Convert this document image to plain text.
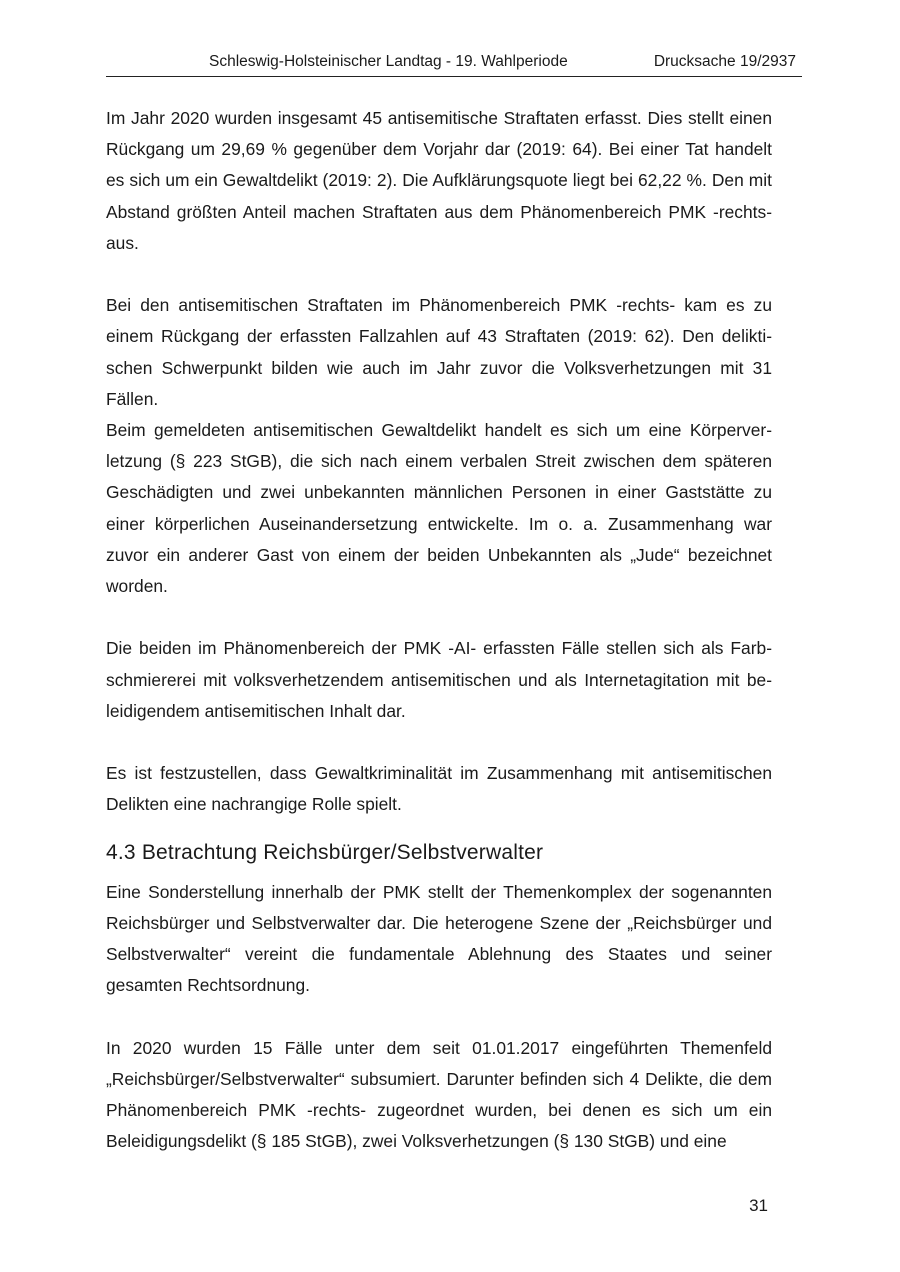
Schleswig-Holsteinischer Landtag - 19. Wahlperiode	Drucksache 19/2937

Im Jahr 2020 wurden insgesamt 45 antisemitische Straftaten erfasst. Dies stellt einen Rückgang um 29,69 % gegenüber dem Vorjahr dar (2019: 64). Bei einer Tat handelt es sich um ein Gewaltdelikt (2019: 2). Die Aufklärungsquote liegt bei 62,22 %. Den mit Abstand größten Anteil machen Straftaten aus dem Phänomenbereich PMK -rechts- aus.

Bei den antisemitischen Straftaten im Phänomenbereich PMK -rechts- kam es zu einem Rückgang der erfassten Fallzahlen auf 43 Straftaten (2019: 62). Den deliktischen Schwerpunkt bilden wie auch im Jahr zuvor die Volksverhetzungen mit 31 Fällen.

Beim gemeldeten antisemitischen Gewaltdelikt handelt es sich um eine Körperverletzung (§ 223 StGB), die sich nach einem verbalen Streit zwischen dem späteren Geschädigten und zwei unbekannten männlichen Personen in einer Gaststätte zu einer körperlichen Auseinandersetzung entwickelte. Im o. a. Zusammenhang war zuvor ein anderer Gast von einem der beiden Unbekannten als „Jude“ bezeichnet worden.

Die beiden im Phänomenbereich der PMK -AI- erfassten Fälle stellen sich als Farbschmiererei mit volksverhetzendem antisemitischen und als Internetagitation mit beleidigendem antisemitischen Inhalt dar.

Es ist festzustellen, dass Gewaltkriminalität im Zusammenhang mit antisemitischen Delikten eine nachrangige Rolle spielt.

4.3 Betrachtung Reichsbürger/Selbstverwalter

Eine Sonderstellung innerhalb der PMK stellt der Themenkomplex der sogenannten Reichsbürger und Selbstverwalter dar. Die heterogene Szene der „Reichsbürger und Selbstverwalter“ vereint die fundamentale Ablehnung des Staates und seiner gesamten Rechtsordnung.

In 2020 wurden 15 Fälle unter dem seit 01.01.2017 eingeführten Themenfeld „Reichsbürger/Selbstverwalter“ subsumiert. Darunter befinden sich 4 Delikte, die dem Phänomenbereich PMK -rechts- zugeordnet wurden, bei denen es sich um ein Beleidigungsdelikt (§ 185 StGB), zwei Volksverhetzungen (§ 130 StGB) und eine

31
